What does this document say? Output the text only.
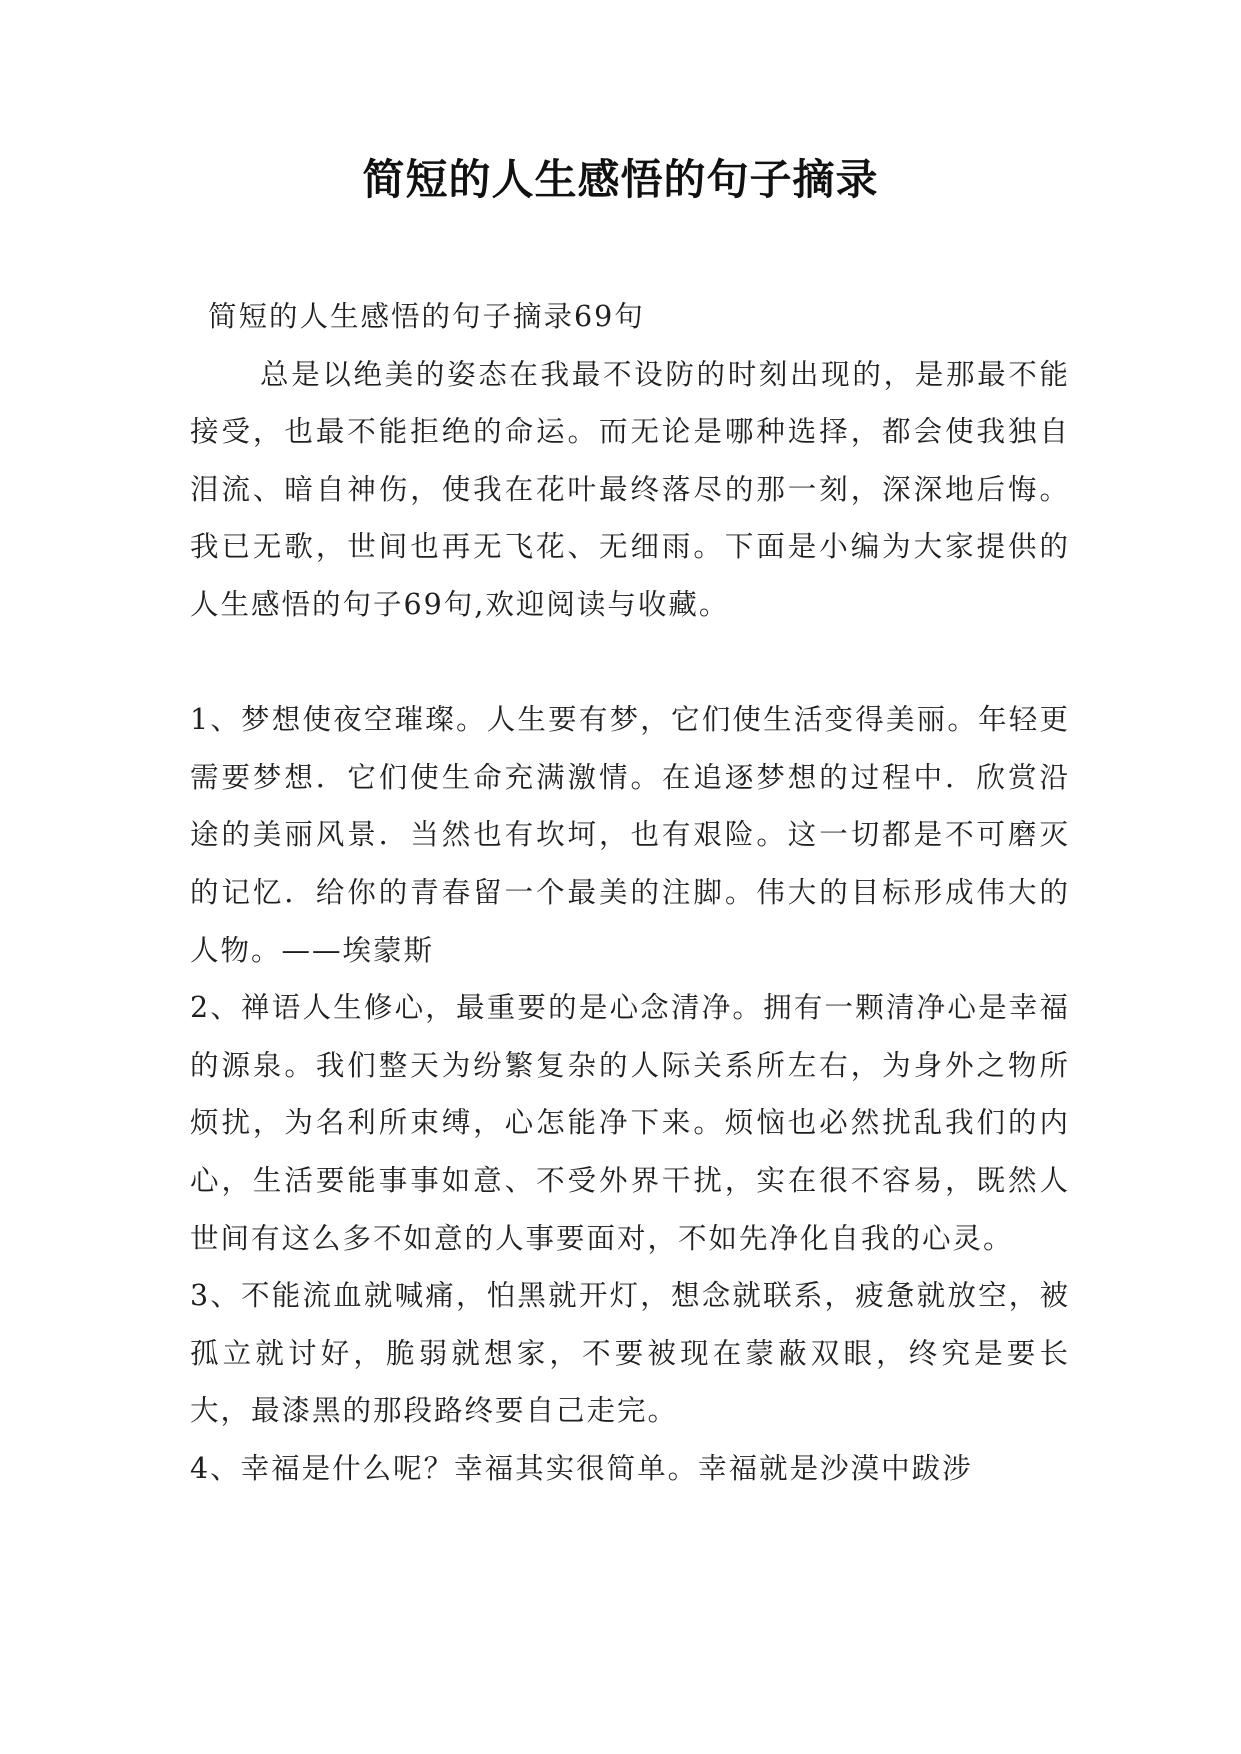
简短的人生感悟的句子摘录

简短的人生感悟的句子摘录69句

总是以绝美的姿态在我最不设防的时刻出现的，是那最不能接受，也最不能拒绝的命运。而无论是哪种选择，都会使我独自泪流、暗自神伤，使我在花叶最终落尽的那一刻，深深地后悔。我已无歌，世间也再无飞花、无细雨。下面是小编为大家提供的人生感悟的句子69句,欢迎阅读与收藏。

1、梦想使夜空璀璨。人生要有梦，它们使生活变得美丽。年轻更需要梦想．它们使生命充满激情。在追逐梦想的过程中．欣赏沿途的美丽风景．当然也有坎坷，也有艰险。这一切都是不可磨灭的记忆．给你的青春留一个最美的注脚。伟大的目标形成伟大的人物。——埃蒙斯

2、禅语人生修心，最重要的是心念清净。拥有一颗清净心是幸福的源泉。我们整天为纷繁复杂的人际关系所左右，为身外之物所烦扰，为名利所束缚，心怎能净下来。烦恼也必然扰乱我们的内心，生活要能事事如意、不受外界干扰，实在很不容易，既然人世间有这么多不如意的人事要面对，不如先净化自我的心灵。

3、不能流血就喊痛，怕黑就开灯，想念就联系，疲惫就放空，被孤立就讨好，脆弱就想家，不要被现在蒙蔽双眼，终究是要长大，最漆黑的那段路终要自己走完。

4、幸福是什么呢？幸福其实很简单。幸福就是沙漠中跋涉
